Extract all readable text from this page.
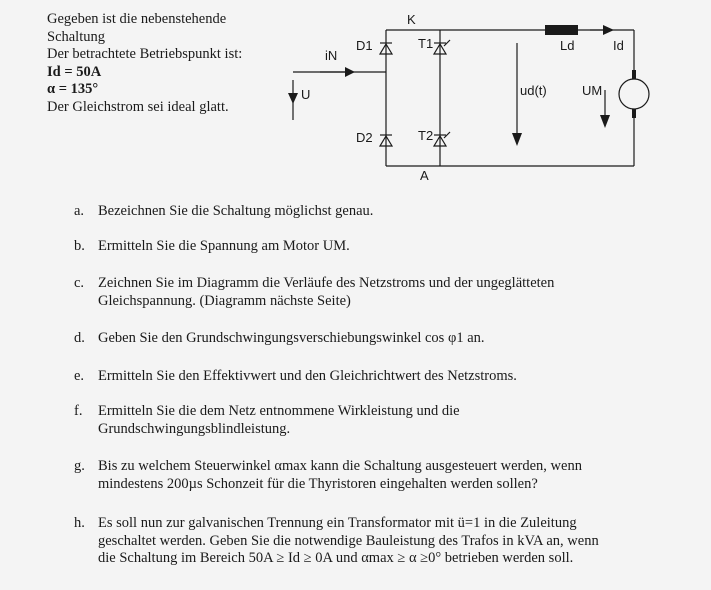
Gegeben ist die nebenstehende
Schaltung
Der betrachtete Betriebspunkt ist:
Id = 50A
α = 135°
Der Gleichstrom sei ideal glatt.
K
A
D1
D2
T1
T2
iN
U	ud(t)
Ld	Id
UM
a. Bezeichnen Sie die Schaltung möglichst genau.
b. Ermitteln Sie die Spannung am Motor UM.
c. Zeichnen Sie im Diagramm die Verläufe des Netzstroms und der ungeglätteten
Gleichspannung. (Diagramm nächste Seite)
d. Geben Sie den Grundschwingungsverschiebungswinkel cos φ1 an.
e. Ermitteln Sie den Effektivwert und den Gleichrichtwert des Netzstroms.
f. Ermitteln Sie die dem Netz entnommene Wirkleistung und die
Grundschwingungsblindleistung.
g. Bis zu welchem Steuerwinkel αmax kann die Schaltung ausgesteuert werden, wenn
mindestens 200µs Schonzeit für die Thyristoren eingehalten werden sollen?
h. Es soll nun zur galvanischen Trennung ein Transformator mit ü=1 in die Zuleitung
geschaltet werden. Geben Sie die notwendige Bauleistung des Trafos in kVA an, wenn
die Schaltung im Bereich 50A ≥ Id ≥ 0A und αmax ≥ α ≥0° betrieben werden soll.
